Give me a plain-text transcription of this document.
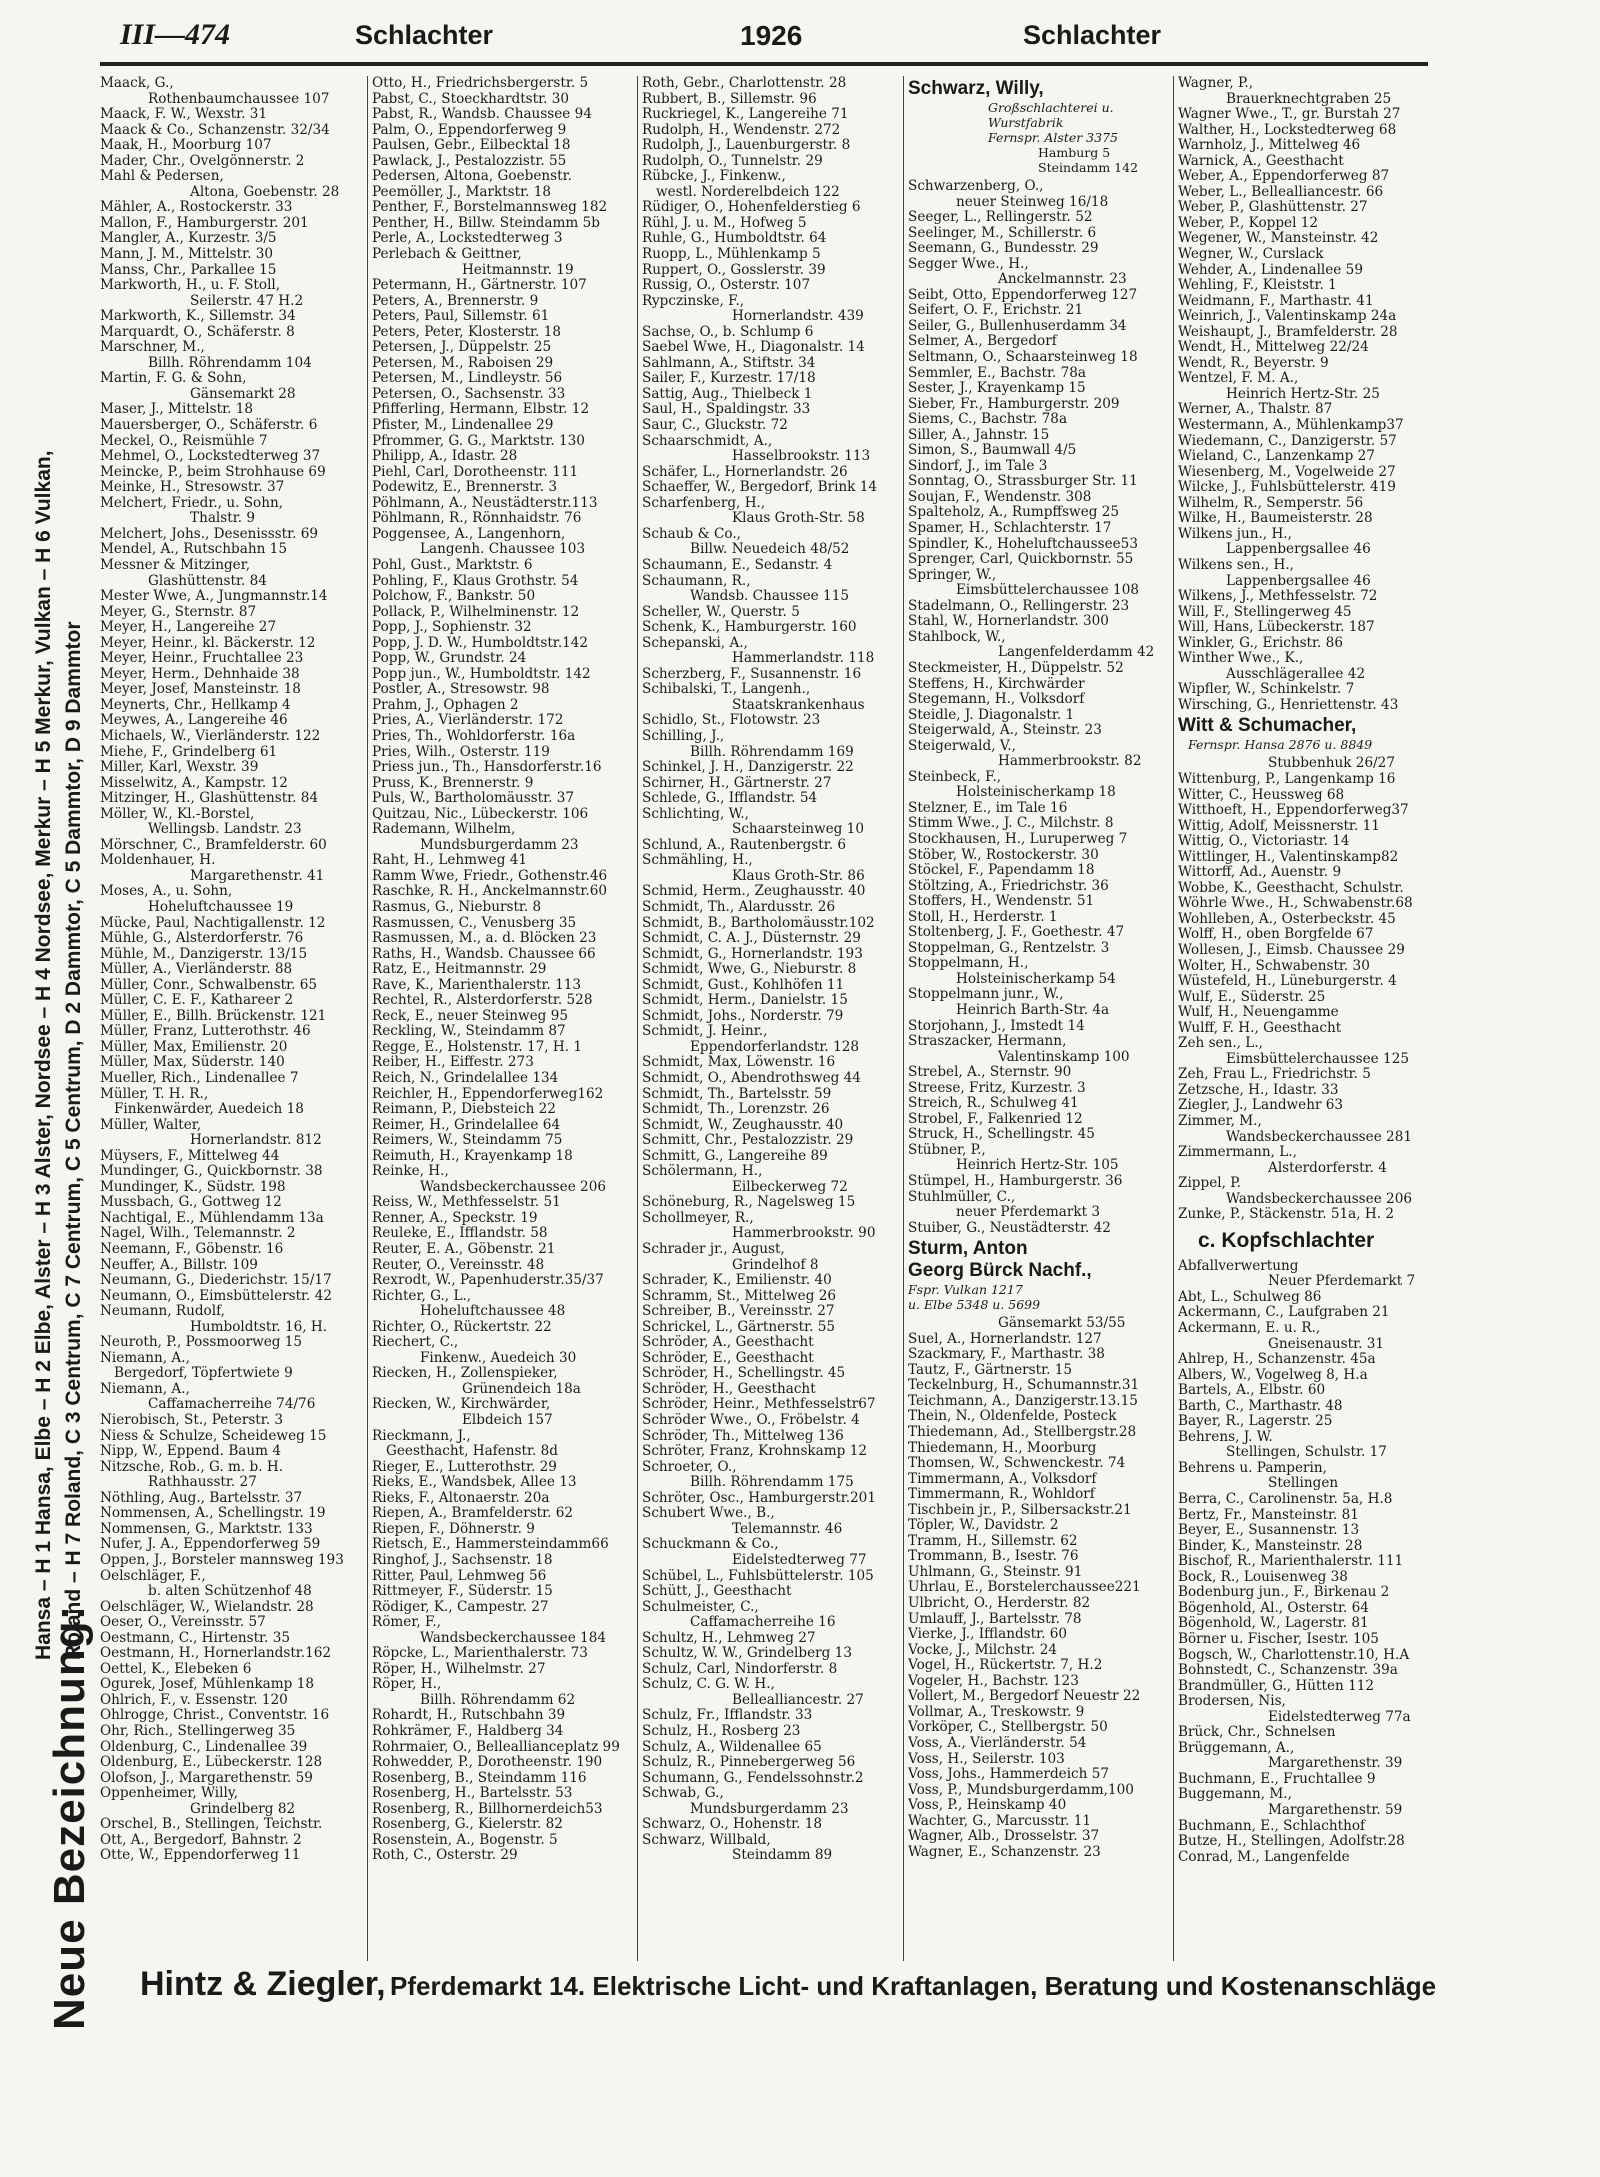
Neue Bezeichnung:
Hansa – H 1 Hansa, Elbe – H 2 Elbe, Alster – H 3 Alster, Nordsee – H 4 Nordsee, Merkur – H 5 Merkur, Vulkan – H 6 Vulkan, Roland – H 7 Roland, C 3 Centrum, C 7 Centrum, C 5 Centrum, D 2 Dammtor, C 5 Dammtor, D 9 Dammtor
III—474	Schlachter	1926	Schlachter
Maack, G.,
Rothenbaumchaussee 107
Maack, F. W., Wexstr. 31
Maack & Co., Schanzenstr. 32/34
Maak, H., Moorburg 107
Mader, Chr., Ovelgönnerstr. 2
Mahl & Pedersen,
Altona, Goebenstr. 28
Mähler, A., Rostockerstr. 33
Mallon, F., Hamburgerstr. 201
Mangler, A., Kurzestr. 3/5
Mann, J. M., Mittelstr. 30
Manss, Chr., Parkallee 15
Markworth, H., u. F. Stoll,
Seilerstr. 47 H.2
Markworth, K., Sillemstr. 34
Marquardt, O., Schäferstr. 8
Marschner, M.,
Billh. Röhrendamm 104
Martin, F. G. & Sohn,
Gänsemarkt 28
Maser, J., Mittelstr. 18
Mauersberger, O., Schäferstr. 6
Meckel, O., Reismühle 7
Mehmel, O., Lockstedterweg 37
Meincke, P., beim Strohhause 69
Meinke, H., Stresowstr. 37
Melchert, Friedr., u. Sohn,
Thalstr. 9
Melchert, Johs., Desenissstr. 69
Mendel, A., Rutschbahn 15
Messner & Mitzinger,
Glashüttenstr. 84
Mester Wwe, A., Jungmannstr.14
Meyer, G., Sternstr. 87
Meyer, H., Langereihe 27
Meyer, Heinr., kl. Bäckerstr. 12
Meyer, Heinr., Fruchtallee 23
Meyer, Herm., Dehnhaide 38
Meyer, Josef, Mansteinstr. 18
Meynerts, Chr., Hellkamp 4
Meywes, A., Langereihe 46
Michaels, W., Vierländerstr. 122
Miehe, F., Grindelberg 61
Miller, Karl, Wexstr. 39
Misselwitz, A., Kampstr. 12
Mitzinger, H., Glashüttenstr. 84
Möller, W., Kl.-Borstel,
Wellingsb. Landstr. 23
Mörschner, C., Bramfelderstr. 60
Moldenhauer, H.
Margarethenstr. 41
Moses, A., u. Sohn,
Hoheluftchaussee 19
Mücke, Paul, Nachtigallenstr. 12
Mühle, G., Alsterdorferstr. 76
Mühle, M., Danzigerstr. 13/15
Müller, A., Vierländerstr. 88
Müller, Conr., Schwalbenstr. 65
Müller, C. E. F., Kathareer 2
Müller, E., Billh. Brückenstr. 121
Müller, Franz, Lutterothstr. 46
Müller, Max, Emilienstr. 20
Müller, Max, Süderstr. 140
Mueller, Rich., Lindenallee 7
Müller, T. H. R.,
Finkenwärder, Auedeich 18
Müller, Walter,
Hornerlandstr. 812
Müysers, F., Mittelweg 44
Mundinger, G., Quickbornstr. 38
Mundinger, K., Südstr. 198
Mussbach, G., Gottweg 12
Nachtigal, E., Mühlendamm 13a
Nagel, Wilh., Telemannstr. 2
Neemann, F., Göbenstr. 16
Neuffer, A., Billstr. 109
Neumann, G., Diederichstr. 15/17
Neumann, O., Eimsbüttelerstr. 42
Neumann, Rudolf,
Humboldtstr. 16, H.
Neuroth, P., Possmoorweg 15
Niemann, A.,
Bergedorf, Töpfertwiete 9
Niemann, A.,
Caffamacherreihe 74/76
Nierobisch, St., Peterstr. 3
Niess & Schulze, Scheideweg 15
Nipp, W., Eppend. Baum 4
Nitzsche, Rob., G. m. b. H.
Rathhausstr. 27
Nöthling, Aug., Bartelsstr. 37
Nommensen, A., Schellingstr. 19
Nommensen, G., Marktstr. 133
Nufer, J. A., Eppendorferweg 59
Oppen, J., Borsteler mannsweg 193
Oelschläger, F.,
b. alten Schützenhof 48
Oelschläger, W., Wielandstr. 28
Oeser, O., Vereinsstr. 57
Oestmann, C., Hirtenstr. 35
Oestmann, H., Hornerlandstr.162
Oettel, K., Elebeken 6
Ogurek, Josef, Mühlenkamp 18
Ohlrich, F., v. Essenstr. 120
Ohlrogge, Christ., Conventstr. 16
Ohr, Rich., Stellingerweg 35
Oldenburg, C., Lindenallee 39
Oldenburg, E., Lübeckerstr. 128
Olofson, J., Margarethenstr. 59
Oppenheimer, Willy,
Grindelberg 82
Orschel, B., Stellingen, Teichstr.
Ott, A., Bergedorf, Bahnstr. 2
Otte, W., Eppendorferweg 11
Otto, H., Friedrichsbergerstr. 5
Pabst, C., Stoeckhardtstr. 30
Pabst, R., Wandsb. Chaussee 94
Palm, O., Eppendorferweg 9
Paulsen, Gebr., Eilbecktal 18
Pawlack, J., Pestalozzistr. 55
Pedersen, Altona, Goebenstr.
Peemöller, J., Marktstr. 18
Penther, F., Borstelmannsweg 182
Penther, H., Billw. Steindamm 5b
Perle, A., Lockstedterweg 3
Perlebach & Geittner,
Heitmannstr. 19
Petermann, H., Gärtnerstr. 107
Peters, A., Brennerstr. 9
Peters, Paul, Sillemstr. 61
Peters, Peter, Klosterstr. 18
Petersen, J., Düppelstr. 25
Petersen, M., Raboisen 29
Petersen, M., Lindleystr. 56
Petersen, O., Sachsenstr. 33
Pfifferling, Hermann, Elbstr. 12
Pfister, M., Lindenallee 29
Pfrommer, G. G., Marktstr. 130
Philipp, A., Idastr. 28
Piehl, Carl, Dorotheenstr. 111
Podewitz, E., Brennerstr. 3
Pöhlmann, A., Neustädterstr.113
Pöhlmann, R., Rönnhaidstr. 76
Poggensee, A., Langenhorn,
Langenh. Chaussee 103
Pohl, Gust., Marktstr. 6
Pohling, F., Klaus Grothstr. 54
Polchow, F., Bankstr. 50
Pollack, P., Wilhelminenstr. 12
Popp, J., Sophienstr. 32
Popp, J. D. W., Humboldtstr.142
Popp, W., Grundstr. 24
Popp jun., W., Humboldtstr. 142
Postler, A., Stresowstr. 98
Prahm, J., Ophagen 2
Pries, A., Vierländerstr. 172
Pries, Th., Wohldorferstr. 16a
Pries, Wilh., Osterstr. 119
Priess jun., Th., Hansdorferstr.16
Pruss, K., Brennerstr. 9
Puls, W., Bartholomäusstr. 37
Quitzau, Nic., Lübeckerstr. 106
Rademann, Wilhelm,
Mundsburgerdamm 23
Raht, H., Lehmweg 41
Ramm Wwe, Friedr., Gothenstr.46
Raschke, R. H., Anckelmannstr.60
Rasmus, G., Nieburstr. 8
Rasmussen, C., Venusberg 35
Rasmussen, M., a. d. Blöcken 23
Raths, H., Wandsb. Chaussee 66
Ratz, E., Heitmannstr. 29
Rave, K., Marienthalerstr. 113
Rechtel, R., Alsterdorferstr. 528
Reck, E., neuer Steinweg 95
Reckling, W., Steindamm 87
Regge, E., Holstenstr. 17, H. 1
Reiber, H., Eiffestr. 273
Reich, N., Grindelallee 134
Reichler, H., Eppendorferweg162
Reimann, P., Diebsteich 22
Reimer, H., Grindelallee 64
Reimers, W., Steindamm 75
Reimuth, H., Krayenkamp 18
Reinke, H.,
Wandsbeckerchaussee 206
Reiss, W., Methfesselstr. 51
Renner, A., Speckstr. 19
Reuleke, E., Ifflandstr. 58
Reuter, E. A., Göbenstr. 21
Reuter, O., Vereinsstr. 48
Rexrodt, W., Papenhuderstr.35/37
Richter, G., L.,
Hoheluftchaussee 48
Richter, O., Rückertstr. 22
Riechert, C.,
Finkenw., Auedeich 30
Riecken, H., Zollenspieker,
Grünendeich 18a
Riecken, W., Kirchwärder,
Elbdeich 157
Rieckmann, J.,
Geesthacht, Hafenstr. 8d
Rieger, E., Lutterothstr. 29
Rieks, E., Wandsbek, Allee 13
Rieks, F., Altonaerstr. 20a
Riepen, A., Bramfelderstr. 62
Riepen, F., Döhnerstr. 9
Rietsch, E., Hammersteindamm66
Ringhof, J., Sachsenstr. 18
Ritter, Paul, Lehmweg 56
Rittmeyer, F., Süderstr. 15
Rödiger, K., Campestr. 27
Römer, F.,
Wandsbeckerchaussee 184
Röpcke, L., Marienthalerstr. 73
Röper, H., Wilhelmstr. 27
Röper, H.,
Billh. Röhrendamm 62
Rohardt, H., Rutschbahn 39
Rohkrämer, F., Haldberg 34
Rohrmaier, O., Belleallianceplatz 99
Rohwedder, P., Dorotheenstr. 190
Rosenberg, B., Steindamm 116
Rosenberg, H., Bartelsstr. 53
Rosenberg, R., Billhornerdeich53
Rosenberg, G., Kielerstr. 82
Rosenstein, A., Bogenstr. 5
Roth, C., Osterstr. 29
Roth, Gebr., Charlottenstr. 28
Rubbert, B., Sillemstr. 96
Ruckriegel, K., Langereihe 71
Rudolph, H., Wendenstr. 272
Rudolph, J., Lauenburgerstr. 8
Rudolph, O., Tunnelstr. 29
Rübcke, J., Finkenw.,
westl. Norderelbdeich 122
Rüdiger, O., Hohenfelderstieg 6
Rühl, J. u. M., Hofweg 5
Ruhle, G., Humboldtstr. 64
Ruopp, L., Mühlenkamp 5
Ruppert, O., Gosslerstr. 39
Russig, O., Osterstr. 107
Rypczinske, F.,
Hornerlandstr. 439
Sachse, O., b. Schlump 6
Saebel Wwe, H., Diagonalstr. 14
Sahlmann, A., Stiftstr. 34
Sailer, F., Kurzestr. 17/18
Sattig, Aug., Thielbeck 1
Saul, H., Spaldingstr. 33
Saur, C., Gluckstr. 72
Schaarschmidt, A.,
Hasselbrookstr. 113
Schäfer, L., Hornerlandstr. 26
Schaeffer, W., Bergedorf, Brink 14
Scharfenberg, H.,
Klaus Groth-Str. 58
Schaub & Co.,
Billw. Neuedeich 48/52
Schaumann, E., Sedanstr. 4
Schaumann, R.,
Wandsb. Chaussee 115
Scheller, W., Querstr. 5
Schenk, K., Hamburgerstr. 160
Schepanski, A.,
Hammerlandstr. 118
Scherzberg, F., Susannenstr. 16
Schibalski, T., Langenh.,
Staatskrankenhaus
Schidlo, St., Flotowstr. 23
Schilling, J.,
Billh. Röhrendamm 169
Schinkel, J. H., Danzigerstr. 22
Schirner, H., Gärtnerstr. 27
Schlede, G., Ifflandstr. 54
Schlichting, W.,
Schaarsteinweg 10
Schlund, A., Rautenbergstr. 6
Schmähling, H.,
Klaus Groth-Str. 86
Schmid, Herm., Zeughausstr. 40
Schmidt, Th., Alardusstr. 26
Schmidt, B., Bartholomäusstr.102
Schmidt, C. A. J., Düsternstr. 29
Schmidt, G., Hornerlandstr. 193
Schmidt, Wwe, G., Nieburstr. 8
Schmidt, Gust., Kohlhöfen 11
Schmidt, Herm., Danielstr. 15
Schmidt, Johs., Norderstr. 79
Schmidt, J. Heinr.,
Eppendorferlandstr. 128
Schmidt, Max, Löwenstr. 16
Schmidt, O., Abendrothsweg 44
Schmidt, Th., Bartelsstr. 59
Schmidt, Th., Lorenzstr. 26
Schmidt, W., Zeughausstr. 40
Schmitt, Chr., Pestalozzistr. 29
Schmitt, G., Langereihe 89
Schölermann, H.,
Eilbeckerweg 72
Schöneburg, R., Nagelsweg 15
Schollmeyer, R.,
Hammerbrookstr. 90
Schrader jr., August,
Grindelhof 8
Schrader, K., Emilienstr. 40
Schramm, St., Mittelweg 26
Schreiber, B., Vereinsstr. 27
Schrickel, L., Gärtnerstr. 55
Schröder, A., Geesthacht
Schröder, E., Geesthacht
Schröder, H., Schellingstr. 45
Schröder, H., Geesthacht
Schröder, Heinr., Methfesselstr67
Schröder Wwe., O., Fröbelstr. 4
Schröder, Th., Mittelweg 136
Schröter, Franz, Krohnskamp 12
Schroeter, O.,
Billh. Röhrendamm 175
Schröter, Osc., Hamburgerstr.201
Schubert Wwe., B.,
Telemannstr. 46
Schuckmann & Co.,
Eidelstedterweg 77
Schübel, L., Fuhlsbüttelerstr. 105
Schütt, J., Geesthacht
Schulmeister, C.,
Caffamacherreihe 16
Schultz, H., Lehmweg 27
Schultz, W. W., Grindelberg 13
Schulz, Carl, Nindorferstr. 8
Schulz, C. G. W. H.,
Bellealliancestr. 27
Schulz, Fr., Ifflandstr. 33
Schulz, H., Rosberg 23
Schulz, A., Wildenallee 65
Schulz, R., Pinnebergerweg 56
Schumann, G., Fendelssohnstr.2
Schwab, G.,
Mundsburgerdamm 23
Schwarz, O., Hohenstr. 18
Schwarz, Willbald,
Steindamm 89
Schwarz, Willy,
Großschlachterei u.
Wurstfabrik
Fernspr. Alster 3375
Hamburg 5
Steindamm 142
Schwarzenberg, O.,
neuer Steinweg 16/18
Seeger, L., Rellingerstr. 52
Seelinger, M., Schillerstr. 6
Seemann, G., Bundesstr. 29
Segger Wwe., H.,
Anckelmannstr. 23
Seibt, Otto, Eppendorferweg 127
Seifert, O. F., Erichstr. 21
Seiler, G., Bullenhuserdamm 34
Selmer, A., Bergedorf
Seltmann, O., Schaarsteinweg 18
Semmler, E., Bachstr. 78a
Sester, J., Krayenkamp 15
Sieber, Fr., Hamburgerstr. 209
Siems, C., Bachstr. 78a
Siller, A., Jahnstr. 15
Simon, S., Baumwall 4/5
Sindorf, J., im Tale 3
Sonntag, O., Strassburger Str. 11
Soujan, F., Wendenstr. 308
Spalteholz, A., Rumpffsweg 25
Spamer, H., Schlachterstr. 17
Spindler, K., Hoheluftchaussee53
Sprenger, Carl, Quickbornstr. 55
Springer, W.,
Eimsbüttelerchaussee 108
Stadelmann, O., Rellingerstr. 23
Stahl, W., Hornerlandstr. 300
Stahlbock, W.,
Langenfelderdamm 42
Steckmeister, H., Düppelstr. 52
Steffens, H., Kirchwärder
Stegemann, H., Volksdorf
Steidle, J. Diagonalstr. 1
Steigerwald, A., Steinstr. 23
Steigerwald, V.,
Hammerbrookstr. 82
Steinbeck, F.,
Holsteinischerkamp 18
Stelzner, E., im Tale 16
Stimm Wwe., J. C., Milchstr. 8
Stockhausen, H., Luruperweg 7
Stöber, W., Rostockerstr. 30
Stöckel, F., Papendamm 18
Stöltzing, A., Friedrichstr. 36
Stoffers, H., Wendenstr. 51
Stoll, H., Herderstr. 1
Stoltenberg, J. F., Goethestr. 47
Stoppelman, G., Rentzelstr. 3
Stoppelmann, H.,
Holsteinischerkamp 54
Stoppelmann junr., W.,
Heinrich Barth-Str. 4a
Storjohann, J., Imstedt 14
Straszacker, Hermann,
Valentinskamp 100
Strebel, A., Sternstr. 90
Streese, Fritz, Kurzestr. 3
Streich, R., Schulweg 41
Strobel, F., Falkenried 12
Struck, H., Schellingstr. 45
Stübner, P.,
Heinrich Hertz-Str. 105
Stümpel, H., Hamburgerstr. 36
Stuhlmüller, C.,
neuer Pferdemarkt 3
Stuiber, G., Neustädterstr. 42
Sturm, Anton
Georg Bürck Nachf.,
Fspr. Vulkan 1217
u. Elbe 5348 u. 5699
Gänsemarkt 53/55
Suel, A., Hornerlandstr. 127
Szackmary, F., Marthastr. 38
Tautz, F., Gärtnerstr. 15
Teckelnburg, H., Schumannstr.31
Teichmann, A., Danzigerstr.13.15
Thein, N., Oldenfelde, Posteck
Thiedemann, Ad., Stellbergstr.28
Thiedemann, H., Moorburg
Thomsen, W., Schwenckestr. 74
Timmermann, A., Volksdorf
Timmermann, R., Wohldorf
Tischbein jr., P., Silbersackstr.21
Töpler, W., Davidstr. 2
Tramm, H., Sillemstr. 62
Trommann, B., Isestr. 76
Uhlmann, G., Steinstr. 91
Uhrlau, E., Borstelerchaussee221
Ulbricht, O., Herderstr. 82
Umlauff, J., Bartelsstr. 78
Vierke, J., Ifflandstr. 60
Vocke, J., Milchstr. 24
Vogel, H., Rückertstr. 7, H.2
Vogeler, H., Bachstr. 123
Vollert, M., Bergedorf Neuestr 22
Vollmar, A., Treskowstr. 9
Vorköper, C., Stellbergstr. 50
Voss, A., Vierländerstr. 54
Voss, H., Seilerstr. 103
Voss, Johs., Hammerdeich 57
Voss, P., Mundsburgerdamm,100
Voss, P., Heinskamp 40
Wachter, G., Marcusstr. 11
Wagner, Alb., Drosselstr. 37
Wagner, E., Schanzenstr. 23
Wagner, P.,
Brauerknechtgraben 25
Wagner Wwe., T., gr. Burstah 27
Walther, H., Lockstedterweg 68
Warnholz, J., Mittelweg 46
Warnick, A., Geesthacht
Weber, A., Eppendorferweg 87
Weber, L., Bellealliancestr. 66
Weber, P., Glashüttenstr. 27
Weber, P., Koppel 12
Wegener, W., Mansteinstr. 42
Wegner, W., Curslack
Wehder, A., Lindenallee 59
Wehling, F., Kleiststr. 1
Weidmann, F., Marthastr. 41
Weinrich, J., Valentinskamp 24a
Weishaupt, J., Bramfelderstr. 28
Wendt, H., Mittelweg 22/24
Wendt, R., Beyerstr. 9
Wentzel, F. M. A.,
Heinrich Hertz-Str. 25
Werner, A., Thalstr. 87
Westermann, A., Mühlenkamp37
Wiedemann, C., Danzigerstr. 57
Wieland, C., Lanzenkamp 27
Wiesenberg, M., Vogelweide 27
Wilcke, J., Fuhlsbüttelerstr. 419
Wilhelm, R., Semperstr. 56
Wilke, H., Baumeisterstr. 28
Wilkens jun., H.,
Lappenbergsallee 46
Wilkens sen., H.,
Lappenbergsallee 46
Wilkens, J., Methfesselstr. 72
Will, F., Stellingerweg 45
Will, Hans, Lübeckerstr. 187
Winkler, G., Erichstr. 86
Winther Wwe., K.,
Ausschlägerallee 42
Wipfler, W., Schinkelstr. 7
Wirsching, G., Henriettenstr. 43
Witt & Schumacher,
Fernspr. Hansa 2876 u. 8849
Stubbenhuk 26/27
Wittenburg, P., Langenkamp 16
Witter, C., Heussweg 68
Witthoeft, H., Eppendorferweg37
Wittig, Adolf, Meissnerstr. 11
Wittig, O., Victoriastr. 14
Wittlinger, H., Valentinskamp82
Wittorff, Ad., Auenstr. 9
Wobbe, K., Geesthacht, Schulstr.
Wöhrle Wwe., H., Schwabenstr.68
Wohlleben, A., Osterbeckstr. 45
Wolff, H., oben Borgfelde 67
Wollesen, J., Eimsb. Chaussee 29
Wolter, H., Schwabenstr. 30
Wüstefeld, H., Lüneburgerstr. 4
Wulf, E., Süderstr. 25
Wulf, H., Neuengamme
Wulff, F. H., Geesthacht
Zeh sen., L.,
Eimsbüttelerchaussee 125
Zeh, Frau L., Friedrichstr. 5
Zetzsche, H., Idastr. 33
Ziegler, J., Landwehr 63
Zimmer, M.,
Wandsbeckerchaussee 281
Zimmermann, L.,
Alsterdorferstr. 4
Zippel, P.
Wandsbeckerchaussee 206
Zunke, P., Stäckenstr. 51a, H. 2
c. Kopfschlachter
Abfallverwertung
Neuer Pferdemarkt 7
Abt, L., Schulweg 86
Ackermann, C., Laufgraben 21
Ackermann, E. u. R.,
Gneisenaustr. 31
Ahlrep, H., Schanzenstr. 45a
Albers, W., Vogelweg 8, H.a
Bartels, A., Elbstr. 60
Barth, C., Marthastr. 48
Bayer, R., Lagerstr. 25
Behrens, J. W.
Stellingen, Schulstr. 17
Behrens u. Pamperin,
Stellingen
Berra, C., Carolinenstr. 5a, H.8
Bertz, Fr., Mansteinstr. 81
Beyer, E., Susannenstr. 13
Binder, K., Mansteinstr. 28
Bischof, R., Marienthalerstr. 111
Bock, R., Louisenweg 38
Bodenburg jun., F., Birkenau 2
Bögenhold, Al., Osterstr. 64
Bögenhold, W., Lagerstr. 81
Börner u. Fischer, Isestr. 105
Bogsch, W., Charlottenstr.10, H.A
Bohnstedt, C., Schanzenstr. 39a
Brandmüller, G., Hütten 112
Brodersen, Nis,
Eidelstedterweg 77a
Brück, Chr., Schnelsen
Brüggemann, A.,
Margarethenstr. 39
Buchmann, E., Fruchtallee 9
Buggemann, M.,
Margarethenstr. 59
Buchmann, E., Schlachthof
Butze, H., Stellingen, Adolfstr.28
Conrad, M., Langenfelde
Hintz & Ziegler, Pferdemarkt 14. Elektrische Licht- und Kraftanlagen, Beratung und Kostenanschläge
